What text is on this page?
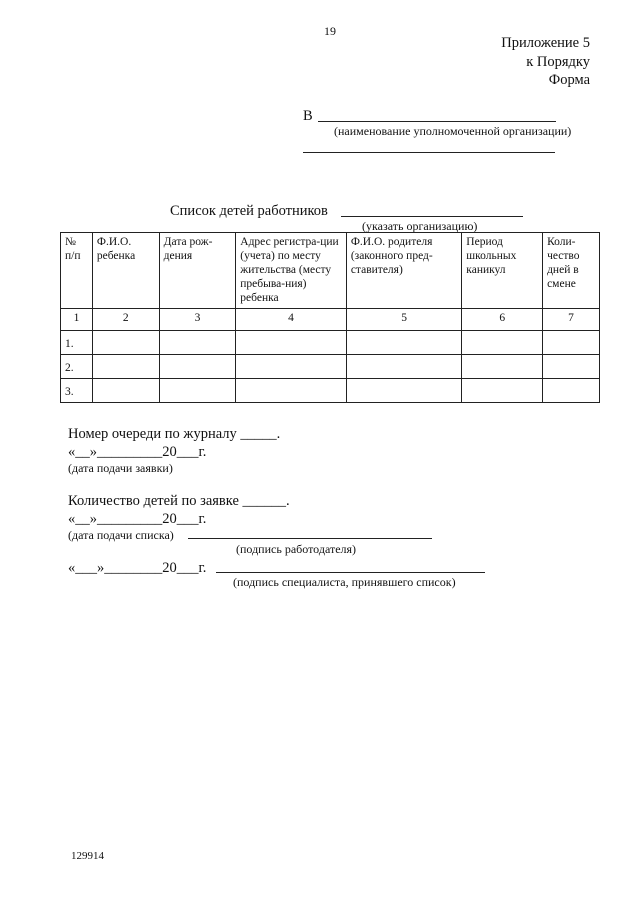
19
Приложение 5
к Порядку
Форма
В
(наименование уполномоченной организации)
Список детей работников
(указать организацию)
№ п/п	Ф.И.О. ребенка	Дата рож-дения	Адрес регистра-ции (учета) по месту жительства (месту пребыва-ния) ребенка	Ф.И.О. родителя (законного пред-ставителя)	Период школьных каникул	Коли-чество дней в смене
1	2	3	4	5	6	7
1.						
2.						
3.						
Номер очереди по журналу _____.
«__»_________20___г.
(дата подачи заявки)
Количество детей по заявке ______.
«__»_________20___г.
(дата подачи списка)
(подпись работодателя)
«___»________20___г.
(подпись специалиста, принявшего список)
129914
